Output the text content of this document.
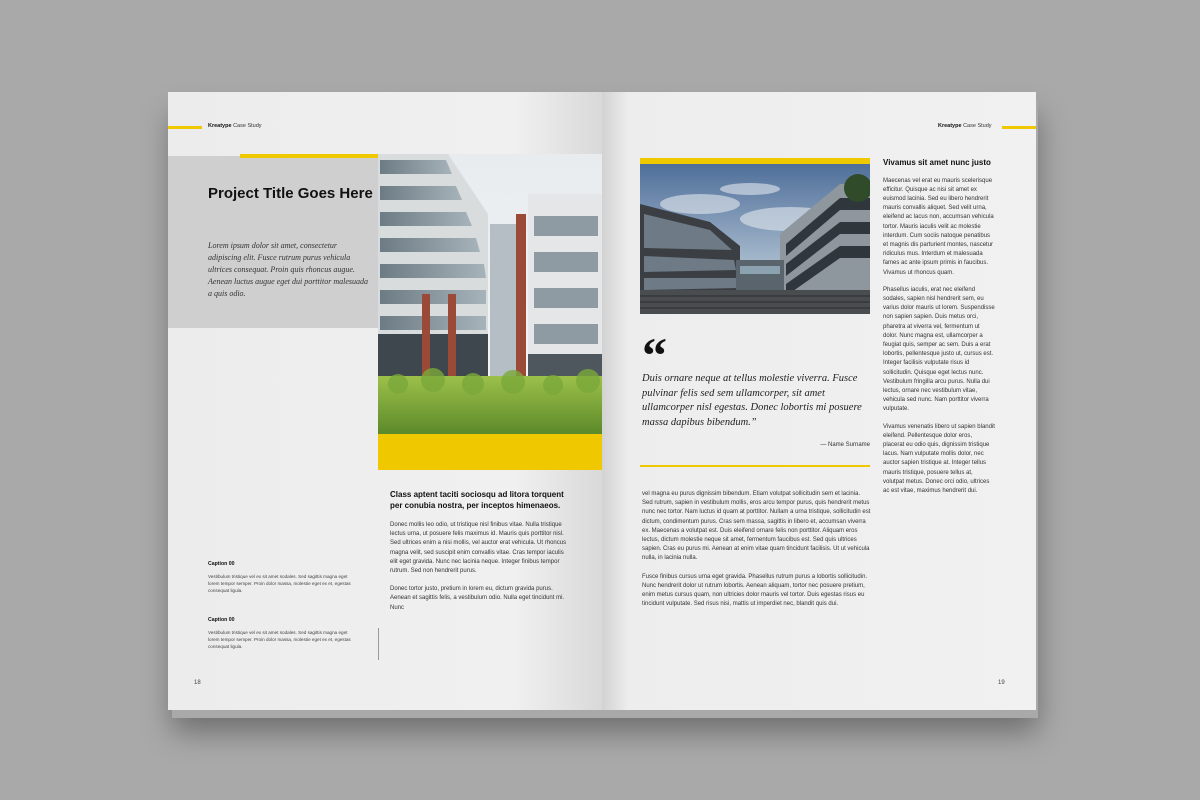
Kreatype Case Study
Project Title Goes Here
Lorem ipsum dolor sit amet, consectetur adipiscing elit. Fusce rutrum purus vehicula ultrices consequat. Proin quis rhoncus augue. Aenean luctus augue eget dui porttitor malesuada a quis odio.
Class aptent taciti sociosqu ad litora torquent per conubia nostra, per inceptos himenaeos.
Donec mollis leo odio, ut tristique nisl finibus vitae. Nulla tristique lectus urna, ut posuere felis maximus id. Mauris quis porttitor nisl. Sed ultrices enim a nisi mollis, vel auctor erat vehicula. Ut rhoncus magna velit, sed suscipit enim convallis vitae. Cras tempor iaculis elit eget gravida. Nunc nec lacinia neque. Integer finibus tempor rutrum. Sed non hendrerit purus.
Donec tortor justo, pretium in lorem eu, dictum gravida purus. Aenean et sagittis felis, a vestibulum odio. Nulla eget tincidunt mi. Nunc
Caption 00
Vestibulum tristique vel ex sit amet sodales. Sed sagittis magna eget lorem tempor semper. Proin dolor massa, molestie eget ex et, egestas consequat ligula.
Caption 00
Vestibulum tristique vel ex sit amet sodales. Sed sagittis magna eget lorem tempor semper. Proin dolor massa, molestie eget ex et, egestas consequat ligula.
18
Kreatype Case Study
“
Duis ornare neque at tellus molestie viverra. Fusce pulvinar felis sed sem ullamcorper, sit amet ullamcorper nisl egestas. Donec lobortis mi posuere massa dapibus bibendum.”
— Name Surname
vel magna eu purus dignissim bibendum. Etiam volutpat sollicitudin sem et lacinia. Sed rutrum, sapien in vestibulum mollis, eros arcu tempor purus, quis hendrerit metus nunc nec tortor. Nam luctus id quam at porttitor. Nullam a urna tristique, sollicitudin est dictum, condimentum purus. Cras sem massa, sagittis in libero et, accumsan viverra ex. Maecenas a volutpat est. Duis eleifend ornare felis non porttitor. Aliquam eros lectus, dictum molestie neque sit amet, fermentum faucibus est. Sed quis ultrices sapien. Cras eu purus mi. Aenean at enim vitae quam tincidunt facilisis. Ut ut vehicula nulla, in lacinia nulla.
Fusce finibus cursus urna eget gravida. Phasellus rutrum purus a lobortis sollicitudin. Nunc hendrerit dolor ut rutrum lobortis. Aenean aliquam, tortor nec posuere pretium, enim metus cursus quam, non ultricies dolor mauris vel tortor. Duis egestas risus eu tincidunt vulputate. Sed risus nisi, mattis ut imperdiet nec, blandit quis dui.
Vivamus sit amet nunc justo
Maecenas vel erat eu mauris scelerisque efficitur. Quisque ac nisi sit amet ex euismod lacinia. Sed eu libero hendrerit mauris convallis aliquet. Sed velit urna, eleifend ac lacus non, accumsan vehicula tortor. Mauris iaculis velit ac molestie interdum. Cum sociis natoque penatibus et magnis dis parturient montes, nascetur ridiculus mus. Interdum et malesuada fames ac ante ipsum primis in faucibus. Vivamus ut rhoncus quam.
Phasellus iaculis, erat nec eleifend sodales, sapien nisl hendrerit sem, eu varius dolor mauris ut lorem. Suspendisse non sapien sapien. Duis metus orci, pharetra at viverra vel, fermentum ut dolor. Nunc magna est, ullamcorper a feugiat quis, semper ac sem. Duis a erat lobortis, pellentesque justo ut, cursus est. Integer facilisis vulputate risus id sollicitudin. Quisque eget lectus nunc. Vestibulum fringilla arcu purus. Nulla dui lectus, ornare nec vestibulum vitae, vehicula sed nunc. Nam porttitor viverra vulputate.
Vivamus venenatis libero ut sapien blandit eleifend. Pellentesque dolor eros, placerat eu odio quis, dignissim tristique lacus. Nam vulputate mollis dolor, nec auctor sapien tristique at. Integer tellus mauris tristique, posuere tellus at, volutpat metus. Donec orci odio, ultrices ac est vitae, maximus hendrerit dui.
19
